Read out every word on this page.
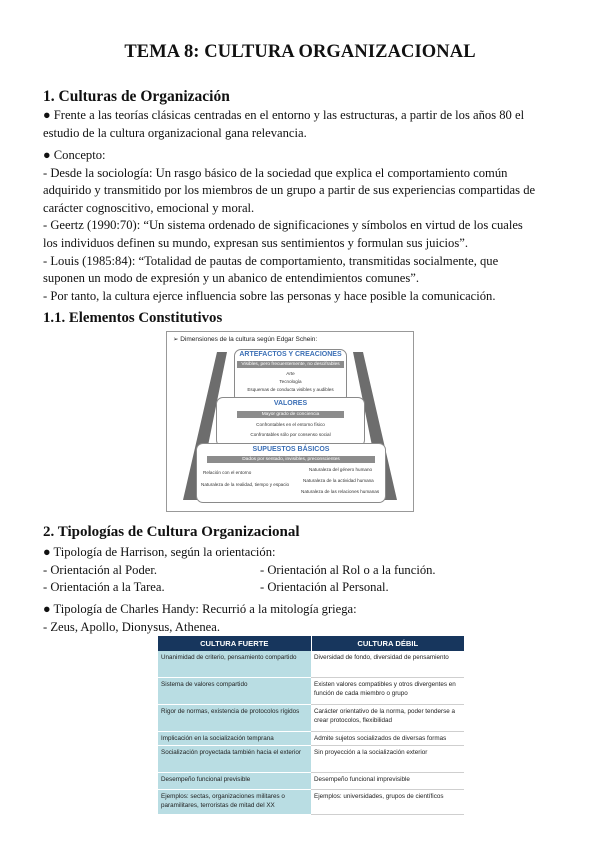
TEMA 8: CULTURA ORGANIZACIONAL
1. Culturas de Organización
● Frente a las teorías clásicas centradas en el entorno y las estructuras, a partir de los años 80 el
estudio de la cultura organizacional gana relevancia.
● Concepto:
- Desde la sociología: Un rasgo básico de la sociedad que explica el comportamiento común
adquirido y transmitido por los miembros de un grupo a partir de sus experiencias compartidas de
carácter cognoscitivo, emocional y moral.
- Geertz (1990:70): “Un sistema ordenado de significaciones y símbolos en virtud de los cuales
los individuos definen su mundo, expresan sus sentimientos y formulan sus juicios”.
- Louis (1985:84): “Totalidad de pautas de comportamiento, transmitidas socialmente, que
suponen un modo de expresión y un abanico de entendimientos comunes”.
- Por tanto, la cultura ejerce influencia sobre las personas y hace posible la comunicación.
1.1. Elementos Constitutivos
➢ Dimensiones de la cultura según Edgar Schein:
ARTEFACTOS Y CREACIONES
Visibles, pero frecuentemente, no descifrables
Arte
Tecnología
Esquemas de conducta visibles y audibles
VALORES
Mayor grado de conciencia
Confrontables en el entorno físico
Confrontables sólo por consenso social
SUPUESTOS BÁSICOS
Dados por sentado, invisibles, preconscientes
Relación con el entorno
Naturaleza de la realidad, tiempo y espacio
Naturaleza del género humano
Naturaleza de la actividad humana
Naturaleza de las relaciones humanas
2. Tipologías de Cultura Organizacional
● Tipología de Harrison, según la orientación:
- Orientación al Poder.	- Orientación al Rol o a la función.
- Orientación a la Tarea.	- Orientación al Personal.
● Tipología de Charles Handy: Recurrió a la mitología griega:
- Zeus, Apollo, Dionysus, Athenea.
CULTURA FUERTE	CULTURA DÉBIL
Unanimidad de criterio, pensamiento compartido	Diversidad de fondo, diversidad de pensamiento
Sistema de valores compartido	Existen valores compatibles y otros divergentes en función de cada miembro o grupo
Rigor de normas, existencia de protocolos rígidos	Carácter orientativo de la norma, poder tenderse a crear protocolos, flexibilidad
Implicación en la socialización temprana	Admite sujetos socializados de diversas formas
Socialización proyectada también hacia el exterior	Sin proyección a la socialización exterior
Desempeño funcional previsible	Desempeño funcional imprevisible
Ejemplos: sectas, organizaciones militares o paramilitares, terroristas de mitad del XX	Ejemplos: universidades, grupos de científicos
